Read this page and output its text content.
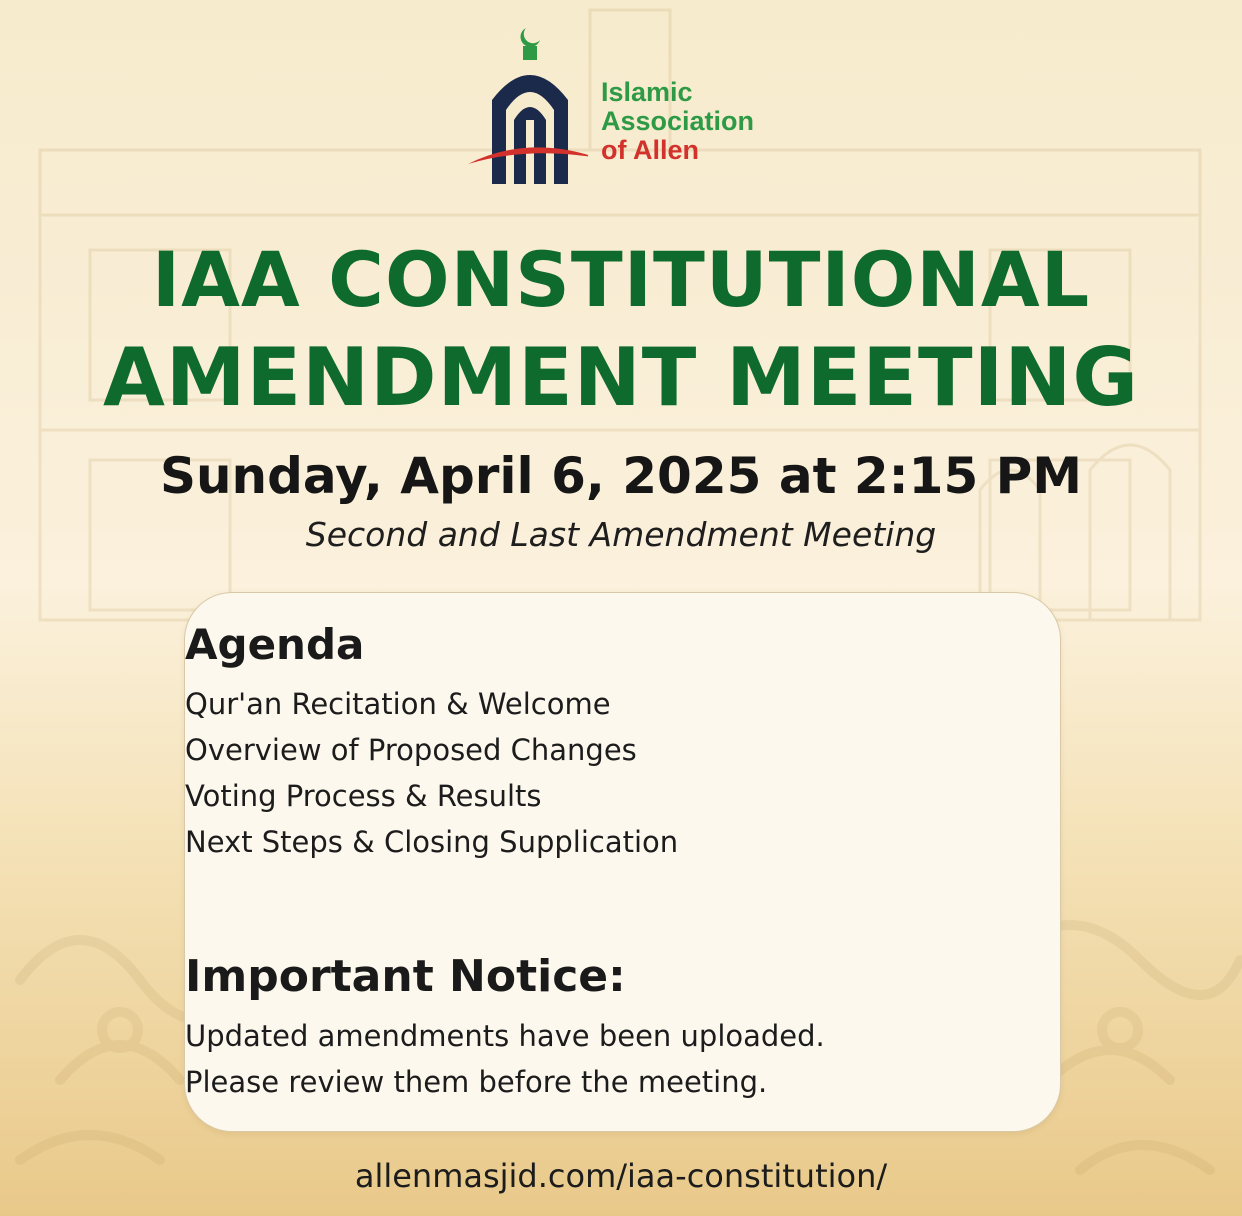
Islamic
Association
of Allen
IAA CONSTITUTIONAL
AMENDMENT MEETING
Sunday, April 6, 2025 at 2:15 PM
Second and Last Amendment Meeting
Agenda
Qur'an Recitation & Welcome
Overview of Proposed Changes
Voting Process & Results
Next Steps & Closing Supplication
Important Notice:
Updated amendments have been uploaded.
Please review them before the meeting.
allenmasjid.com/iaa-constitution/
